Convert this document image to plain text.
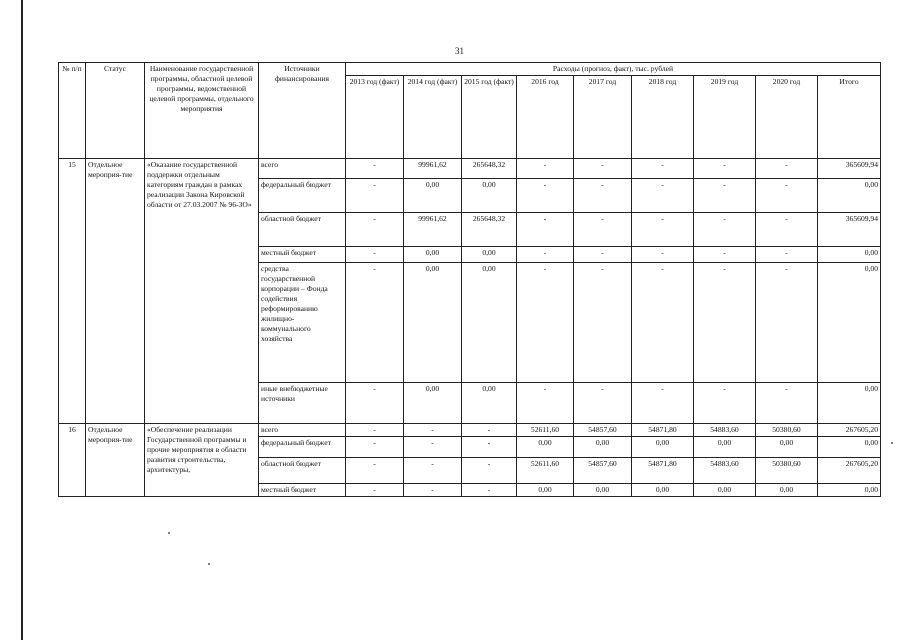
31
№ п/п	Статус	Наименование государственной программы, областной целевой программы, ведомственной целевой программы, отдельного мероприятия	Источники финансирования	Расходы (прогноз, факт), тыс. рублей								
				2013 год (факт)	2014 год (факт)	2015 год (факт)	2016 год	2017 год	2018 год	2019 год	2020 год	Итого
15	Отдельное мероприя-тие	«Оказание государственной поддержки отдельным категориям граждан в рамках реализации Закона Кировской области от 27.03.2007 № 96-ЗО»	всего	-	99961,62	265648,32	-	-	-	-	-	365609,94
			федеральный бюджет	-	0,00	0,00	-	-	-	-	-	0,00
			областной бюджет	-	99961,62	265648,32	-	-	-	-	-	365609,94
			местный бюджет	-	0,00	0,00	-	-	-	-	-	0,00
			средства государственной корпорации – Фонда содействия реформированию жилищно-коммунального хозяйства	-	0,00	0,00	-	-	-	-	-	0,00
			иные внебюджетные источники	-	0,00	0,00	-	-	-	-	-	0,00
16	Отдельное мероприя-тие	«Обеспечение реализации Государственной программы и прочие мероприятия в области развития строительства, архитектуры,	всего	-	-	-	52611,60	54857,60	54871,80	54883,60	50380,60	267605,20
			федеральный бюджет	-	-	-	0,00	0,00	0,00	0,00	0,00	0,00
			областной бюджет	-	-	-	52611,60	54857,60	54871,80	54883,60	50380,60	267605,20
			местный бюджет	-	-	-	0,00	0,00	0,00	0,00	0,00	0,00
